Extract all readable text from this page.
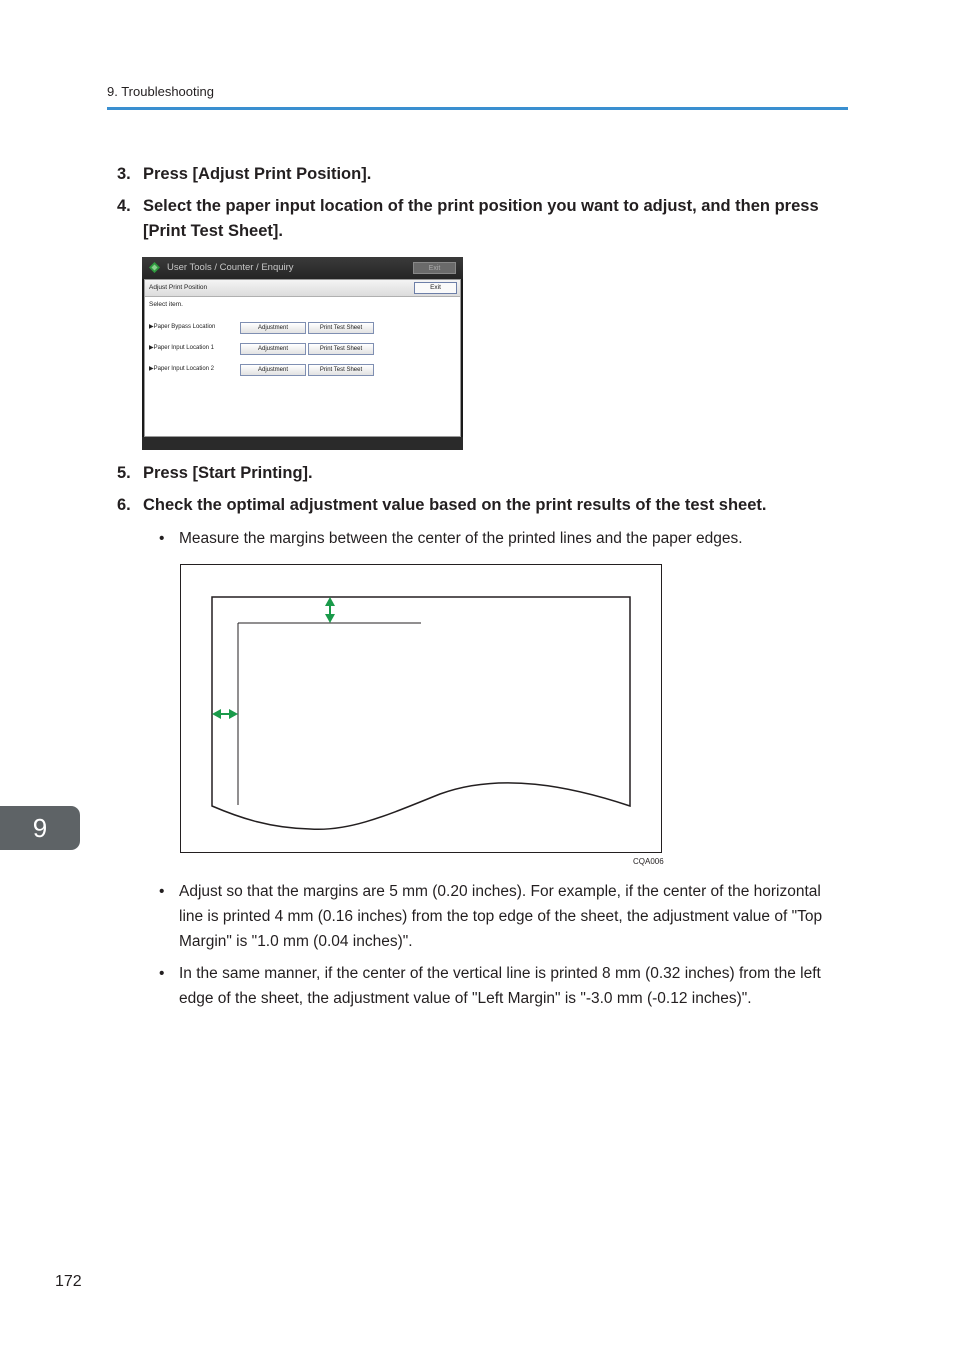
9. Troubleshooting
3. Press [Adjust Print Position].
4. Select the paper input location of the print position you want to adjust, and then press [Print Test Sheet].
User Tools / Counter / Enquiry	Exit
Adjust Print Position	Exit
Select item.
▶Paper Bypass Location	Adjustment	Print Test Sheet
▶Paper Input Location 1	Adjustment	Print Test Sheet
▶Paper Input Location 2	Adjustment	Print Test Sheet
5. Press [Start Printing].
6. Check the optimal adjustment value based on the print results of the test sheet.
• Measure the margins between the center of the printed lines and the paper edges.
CQA006
• Adjust so that the margins are 5 mm (0.20 inches). For example, if the center of the horizontal line is printed 4 mm (0.16 inches) from the top edge of the sheet, the adjustment value of "Top Margin" is "1.0 mm (0.04 inches)".
• In the same manner, if the center of the vertical line is printed 8 mm (0.32 inches) from the left edge of the sheet, the adjustment value of "Left Margin" is "-3.0 mm (-0.12 inches)".
9
172
